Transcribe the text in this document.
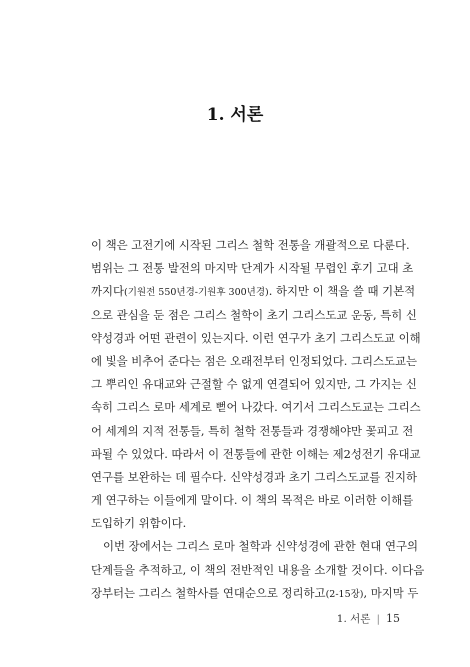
1. 서론
이 책은 고전기에 시작된 그리스 철학 전통을 개괄적으로 다룬다.
범위는 그 전통 발전의 마지막 단계가 시작될 무렵인 후기 고대 초
까지다(기원전 550년경-기원후 300년경). 하지만 이 책을 쓸 때 기본적
으로 관심을 둔 점은 그리스 철학이 초기 그리스도교 운동, 특히 신
약성경과 어떤 관련이 있는지다. 이런 연구가 초기 그리스도교 이해
에 빛을 비추어 준다는 점은 오래전부터 인정되었다. 그리스도교는
그 뿌리인 유대교와 근절할 수 없게 연결되어 있지만, 그 가지는 신
속히 그리스 로마 세계로 뻗어 나갔다. 여기서 그리스도교는 그리스
어 세계의 지적 전통들, 특히 철학 전통들과 경쟁해야만 꽃피고 전
파될 수 있었다. 따라서 이 전통들에 관한 이해는 제2성전기 유대교
연구를 보완하는 데 필수다. 신약성경과 초기 그리스도교를 진지하
게 연구하는 이들에게 말이다. 이 책의 목적은 바로 이러한 이해를
도입하기 위함이다.
이번 장에서는 그리스 로마 철학과 신약성경에 관한 현대 연구의
단계들을 추적하고, 이 책의 전반적인 내용을 소개할 것이다. 이다음
장부터는 그리스 철학사를 연대순으로 정리하고(2-15장), 마지막 두
1. 서론 | 15
